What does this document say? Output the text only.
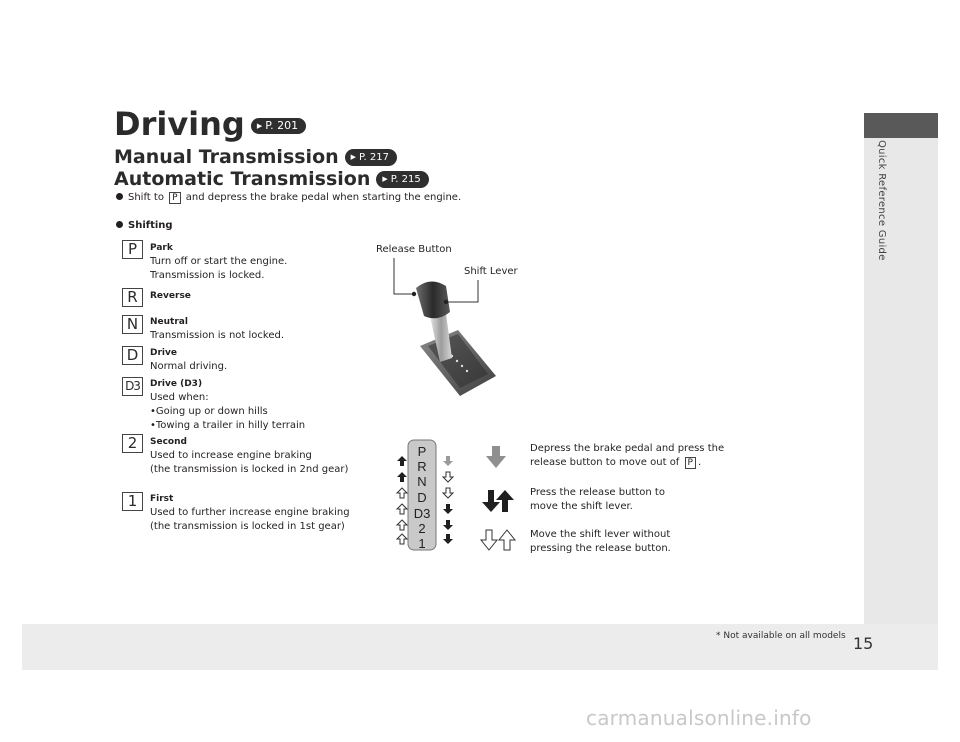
Quick Reference Guide
Driving ▶ P. 201
Manual Transmission ▶ P. 217
Automatic Transmission ▶ P. 215
Shift to P and depress the brake pedal when starting the engine.
Shifting
P	Park
Turn off or start the engine.
Transmission is locked.
R	Reverse
N	Neutral
Transmission is not locked.
D	Drive
Normal driving.
D3	Drive (D3)
Used when:
•Going up or down hills
•Towing a trailer in hilly terrain
2	Second
Used to increase engine braking
(the transmission is locked in 2nd gear)
1	First
Used to further increase engine braking
(the transmission is locked in 1st gear)
Release Button
Shift Lever
P
R
N
D
D3
2
1
Depress the brake pedal and press the
release button to move out of P .
Press the release button to
move the shift lever.
Move the shift lever without
pressing the release button.
* Not available on all models 15
carmanualsonline.info
